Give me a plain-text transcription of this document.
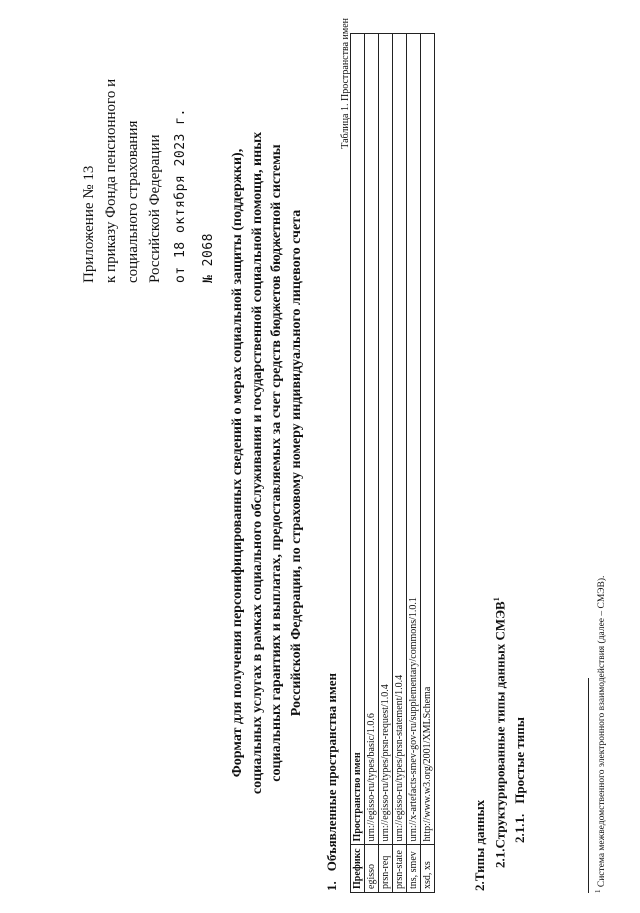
Приложение № 13 к приказу Фонда пенсионного и социального страхования Российской Федерации от 18 октября 2023 г.	№ 2068 Формат для получения персонифицированных сведений о мерах социальной защиты (поддержки), социальных услугах в рамках социального обслуживания и государственной социальной помощи, иных социальных гарантиях и выплатах, предоставляемых за счет средств бюджетов бюджетной системы Российской Федерации, по страховому номеру индивидуального лицевого счета
Таблица 1. Пространства имен
Префикс	Пространство имен
egisso	urn://egisso-ru/types/basic/1.0.6
prsn-req	urn://egisso-ru/types/prsn-request/1.0.4
prsn-state	urn://egisso-ru/types/prsn-statement/1.0.4
tns, smev	urn://x-artefacts-smev-gov-ru/supplementary/commons/1.0.1
xsd, xs	http://www.w3.org/2001/XMLSchema
1.Объявленные пространства имен
2.Типы данных 2.1.Структурированные типы данных СМЭВ$^1$
2.1.1.Простые типы
$^1$ Система межведомственного электронного взаимодействия (далее – СМЭВ).
